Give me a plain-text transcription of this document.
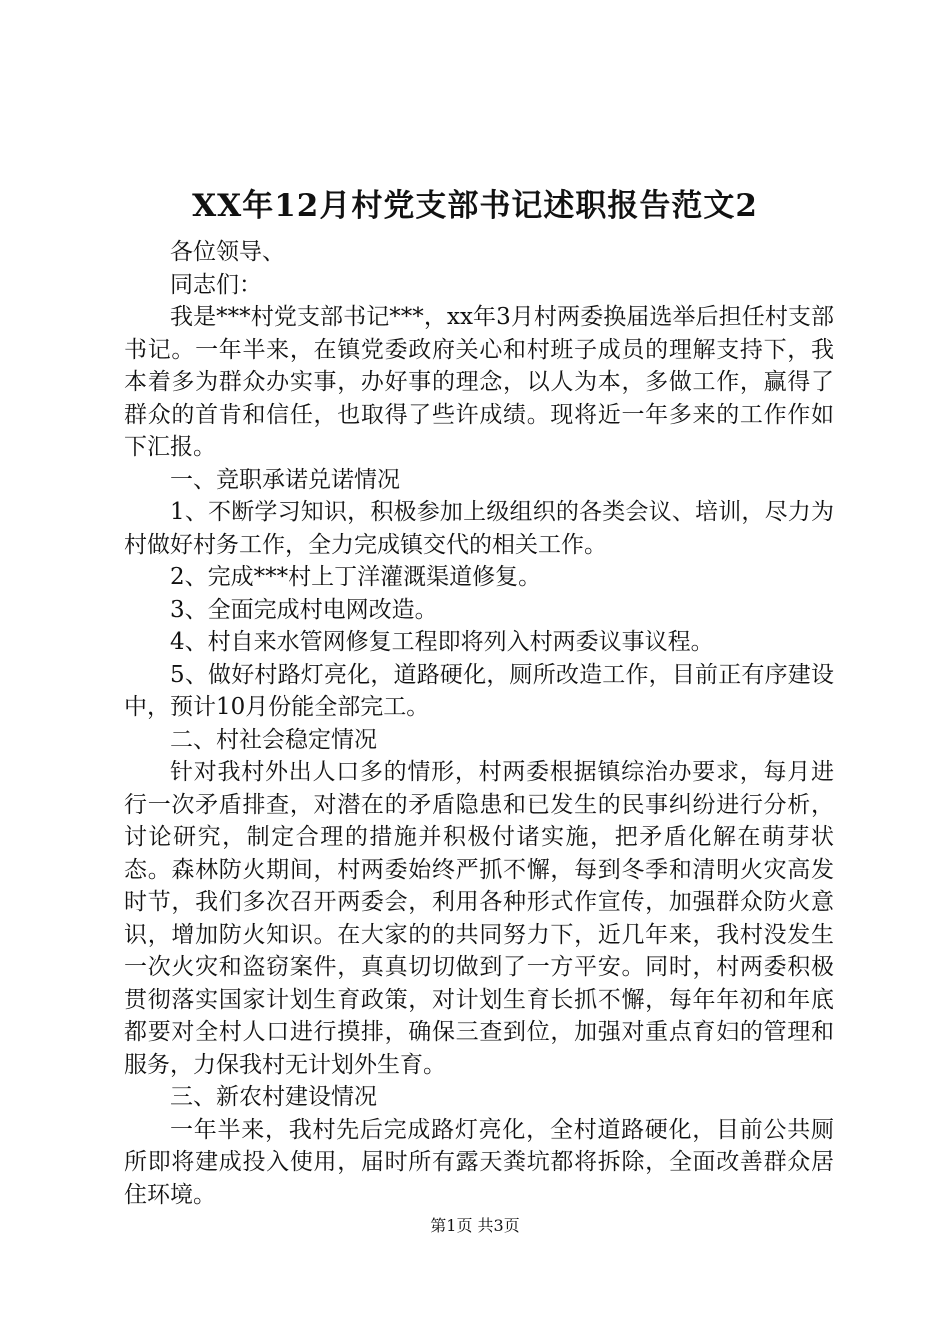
XX年12月村党支部书记述职报告范文2

各位领导、

同志们：

我是***村党支部书记***，xx年3月村两委换届选举后担任村支部书记。一年半来，在镇党委政府关心和村班子成员的理解支持下，我本着多为群众办实事，办好事的理念，以人为本，多做工作，赢得了群众的首肯和信任，也取得了些许成绩。现将近一年多来的工作作如下汇报。

一、竞职承诺兑诺情况

1、不断学习知识，积极参加上级组织的各类会议、培训，尽力为村做好村务工作，全力完成镇交代的相关工作。

2、完成***村上丁洋灌溉渠道修复。

3、全面完成村电网改造。

4、村自来水管网修复工程即将列入村两委议事议程。

5、做好村路灯亮化，道路硬化，厕所改造工作，目前正有序建设中，预计10月份能全部完工。

二、村社会稳定情况

针对我村外出人口多的情形，村两委根据镇综治办要求，每月进行一次矛盾排查，对潜在的矛盾隐患和已发生的民事纠纷进行分析，讨论研究，制定合理的措施并积极付诸实施，把矛盾化解在萌芽状态。森林防火期间，村两委始终严抓不懈，每到冬季和清明火灾高发时节，我们多次召开两委会，利用各种形式作宣传，加强群众防火意识，增加防火知识。在大家的的共同努力下，近几年来，我村没发生一次火灾和盗窃案件，真真切切做到了一方平安。同时，村两委积极贯彻落实国家计划生育政策，对计划生育长抓不懈，每年年初和年底都要对全村人口进行摸排，确保三查到位，加强对重点育妇的管理和服务，力保我村无计划外生育。

三、新农村建设情况

一年半来，我村先后完成路灯亮化，全村道路硬化，目前公共厕所即将建成投入使用，届时所有露天粪坑都将拆除，全面改善群众居住环境。

第1页 共3页
